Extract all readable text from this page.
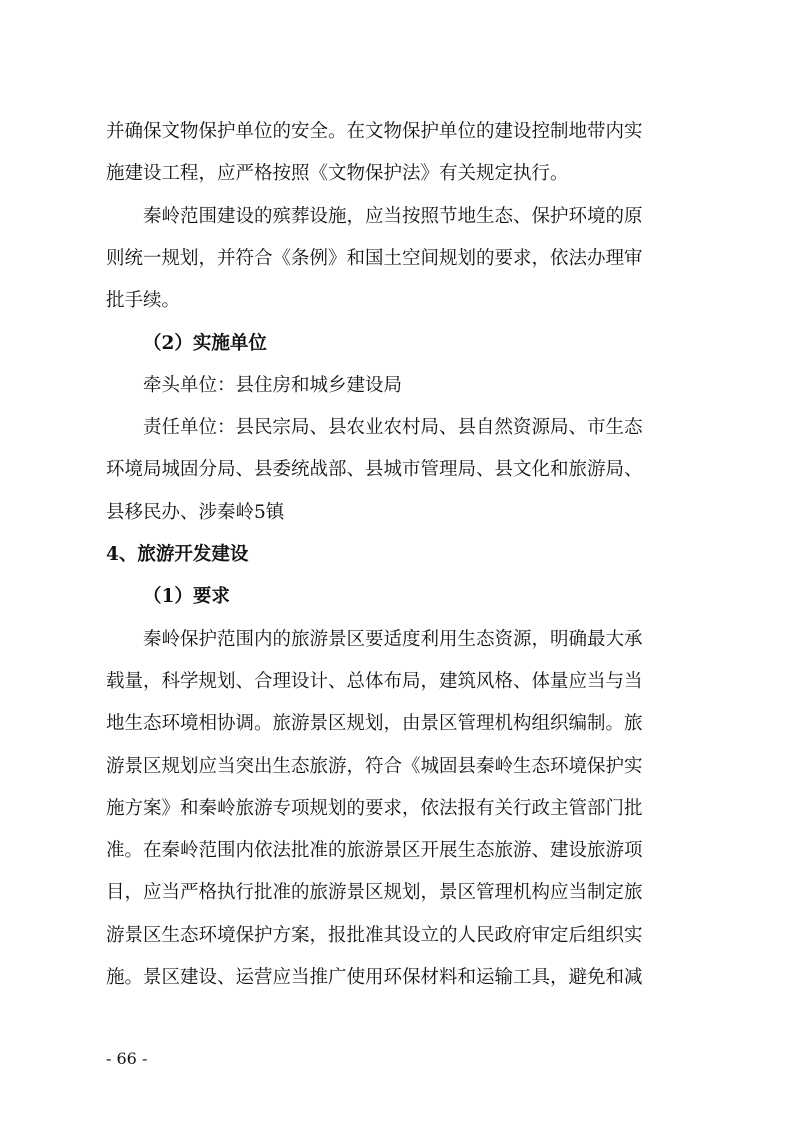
并确保文物保护单位的安全。在文物保护单位的建设控制地带内实
施建设工程，应严格按照《文物保护法》有关规定执行。
秦岭范围建设的殡葬设施，应当按照节地生态、保护环境的原
则统一规划，并符合《条例》和国土空间规划的要求，依法办理审
批手续。
（2）实施单位
牵头单位：县住房和城乡建设局
责任单位：县民宗局、县农业农村局、县自然资源局、市生态
环境局城固分局、县委统战部、县城市管理局、县文化和旅游局、
县移民办、涉秦岭5镇
4、旅游开发建设
（1）要求
秦岭保护范围内的旅游景区要适度利用生态资源，明确最大承
载量，科学规划、合理设计、总体布局，建筑风格、体量应当与当
地生态环境相协调。旅游景区规划，由景区管理机构组织编制。旅
游景区规划应当突出生态旅游，符合《城固县秦岭生态环境保护实
施方案》和秦岭旅游专项规划的要求，依法报有关行政主管部门批
准。在秦岭范围内依法批准的旅游景区开展生态旅游、建设旅游项
目，应当严格执行批准的旅游景区规划，景区管理机构应当制定旅
游景区生态环境保护方案，报批准其设立的人民政府审定后组织实
施。景区建设、运营应当推广使用环保材料和运输工具，避免和减
- 66 -
